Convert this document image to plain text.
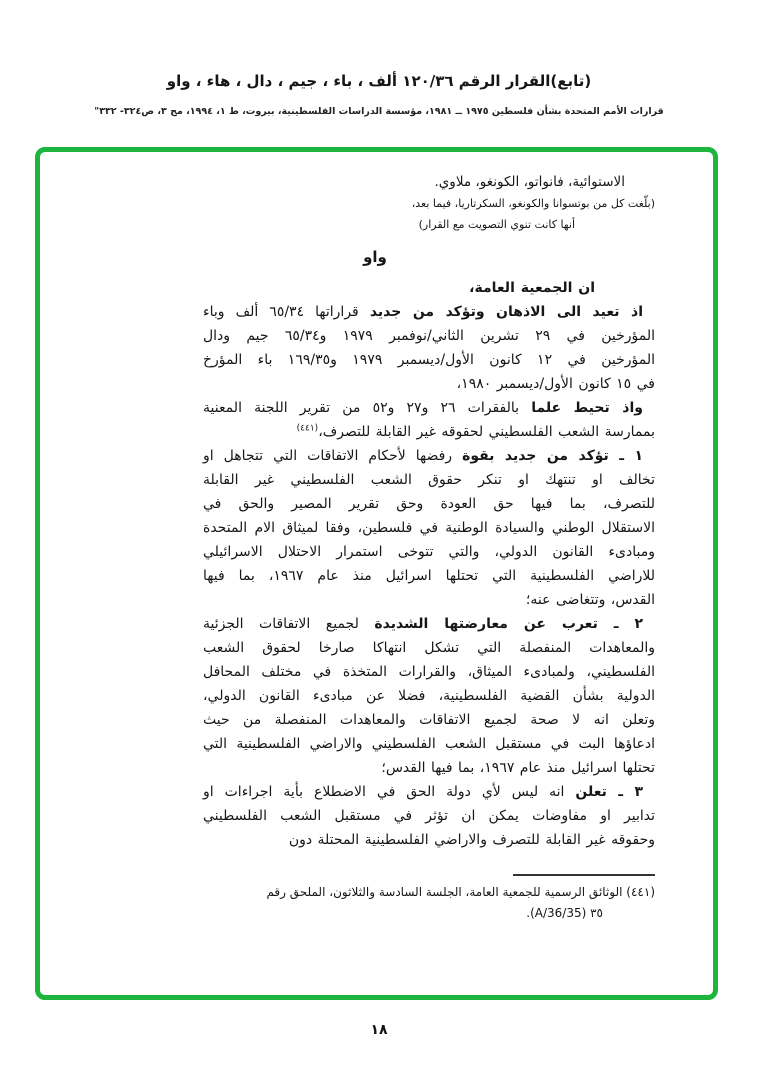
(تابع)القرار الرقم ١٢٠/٣٦ ألف ، باء ، جيم ، دال ، هاء ، واو
قرارات الأمم المتحدة بشأن فلسطين ١٩٧٥ ــ ١٩٨١، مؤسسة الدراسات الفلسطينية، بيروت، ط ١، ١٩٩٤، مج ٣، ص٣٢٤- ٣٣٢"
الاستوائية، فانواتو، الكونغو، ملاوي.
(بلّغت كل من بوتسوانا والكونغو، السكرتاريا، فيما بعد،
أنها كانت تنوي التصويت مع القرار)
واو
ان الجمعية العامة،
اذ تعيد الى الاذهان وتؤكد من جديد قراراتها ٦٥/٣٤ ألف وباء
المؤرخين في ٢٩ تشرين الثاني/نوفمبر ١٩٧٩ و٦٥/٣٤ جيم ودال
المؤرخين في ١٢ كانون الأول/ديسمبر ١٩٧٩ و١٦٩/٣٥ باء المؤرخ
في ١٥ كانون الأول/ديسمبر ١٩٨٠،
واذ تحيط علما بالفقرات ٢٦ و٢٧ و٥٢ من تقرير اللجنة المعنية
بممارسة الشعب الفلسطيني لحقوقه غير القابلة للتصرف،$^{(٤٤١)}$
١ ـ تؤكد من جديد بقوة رفضها لأحكام الاتفاقات التي تتجاهل او
تخالف او تنتهك او تنكر حقوق الشعب الفلسطيني غير القابلة
للتصرف، بما فيها حق العودة وحق تقرير المصير والحق في
الاستقلال الوطني والسيادة الوطنية في فلسطين، وفقا لميثاق الام المتحدة
ومبادىء القانون الدولي، والتي تتوخى استمرار الاحتلال الاسرائيلي
للاراضي الفلسطينية التي تحتلها اسرائيل منذ عام ١٩٦٧، بما فيها
القدس، وتتغاضى عنه؛
٢ ـ تعرب عن معارضتها الشديدة لجميع الاتفاقات الجزئية
والمعاهدات المنفصلة التي تشكل انتهاكا صارخا لحقوق الشعب
الفلسطيني، ولمبادىء الميثاق، والقرارات المتخذة في مختلف المحافل
الدولية بشأن القضية الفلسطينية، فضلا عن مبادىء القانون الدولي،
وتعلن انه لا صحة لجميع الاتفاقات والمعاهدات المنفصلة من حيث
ادعاؤها البت في مستقبل الشعب الفلسطيني والاراضي الفلسطينية التي
تحتلها اسرائيل منذ عام ١٩٦٧، بما فيها القدس؛
٣ ـ تعلن انه ليس لأي دولة الحق في الاضطلاع بأية اجراءات او
تدابير او مفاوضات يمكن ان تؤثر في مستقبل الشعب الفلسطيني
وحقوقه غير القابلة للتصرف والاراضي الفلسطينية المحتلة دون
(٤٤١) الوثائق الرسمية للجمعية العامة، الجلسة السادسة والثلاثون، الملحق رقم
٣٥ (A/36/35).
١٨
